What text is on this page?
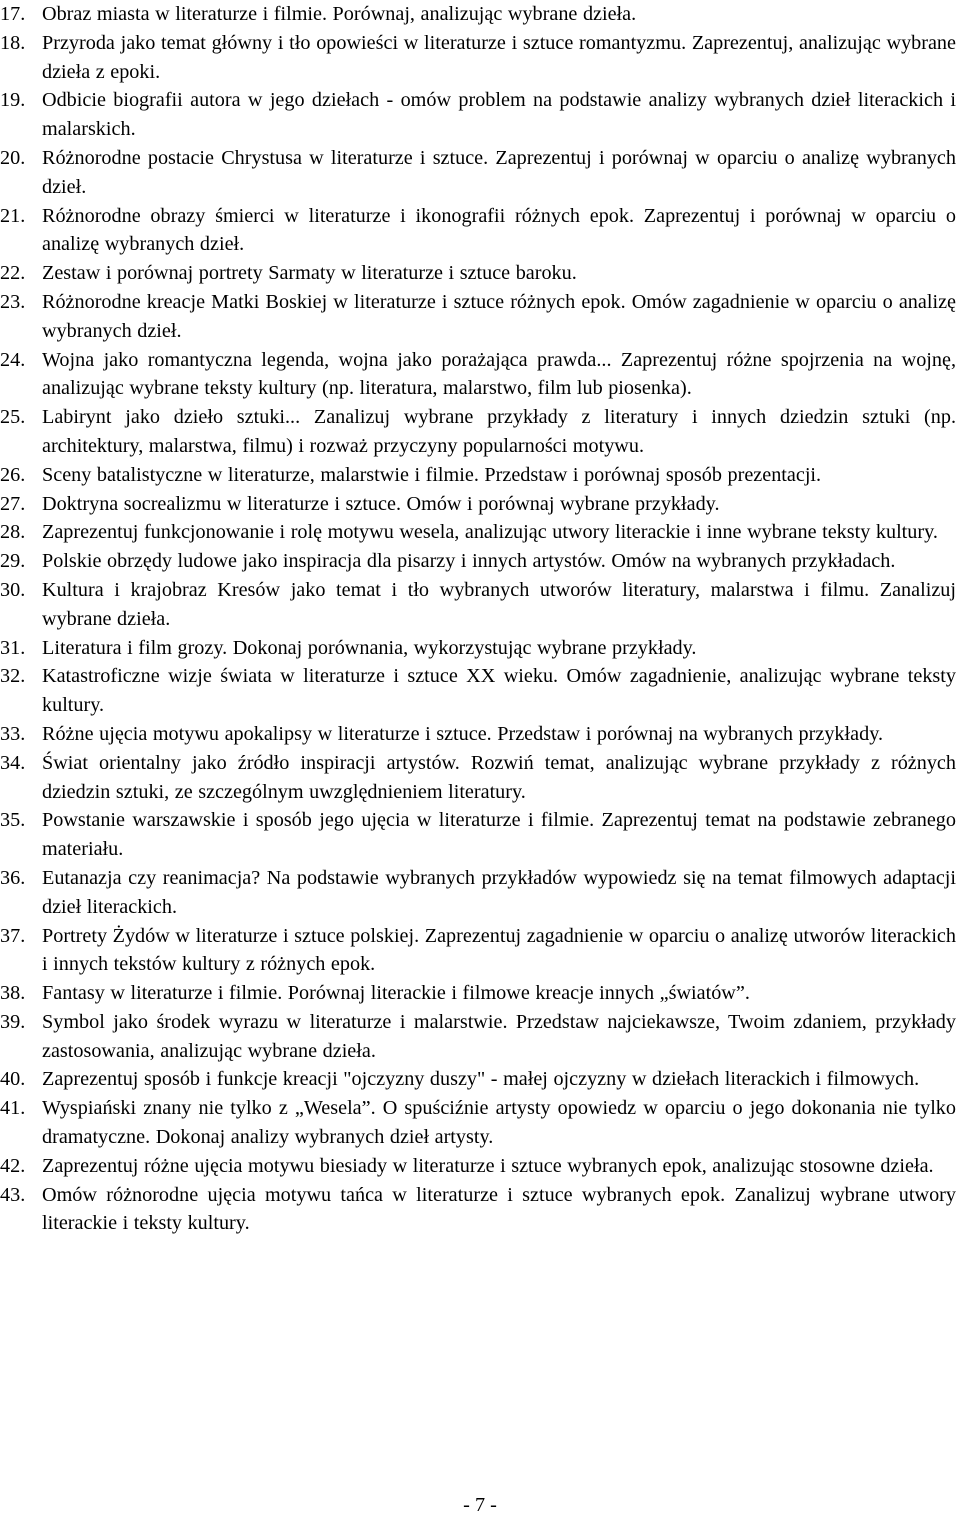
17. Obraz miasta w literaturze i filmie. Porównaj, analizując wybrane dzieła.
18. Przyroda jako temat główny i tło opowieści w literaturze i sztuce romantyzmu. Zaprezentuj, analizując wybrane dzieła z epoki.
19. Odbicie biografii autora w jego dziełach - omów problem na podstawie analizy wybranych dzieł literackich i malarskich.
20. Różnorodne postacie Chrystusa w literaturze i sztuce. Zaprezentuj i porównaj w oparciu o analizę wybranych dzieł.
21. Różnorodne obrazy śmierci w literaturze i ikonografii różnych epok. Zaprezentuj i porównaj w oparciu o analizę wybranych dzieł.
22. Zestaw i porównaj portrety Sarmaty w literaturze i sztuce baroku.
23. Różnorodne kreacje Matki Boskiej w literaturze i sztuce różnych epok. Omów zagadnienie w oparciu o analizę wybranych dzieł.
24. Wojna jako romantyczna legenda, wojna jako porażająca prawda... Zaprezentuj różne spojrzenia na wojnę, analizując wybrane teksty kultury (np. literatura, malarstwo, film lub piosenka).
25. Labirynt jako dzieło sztuki... Zanalizuj wybrane przykłady z literatury i innych dziedzin sztuki (np. architektury, malarstwa, filmu) i rozważ przyczyny popularności motywu.
26. Sceny batalistyczne w literaturze, malarstwie i filmie. Przedstaw i porównaj sposób prezentacji.
27. Doktryna socrealizmu w literaturze i sztuce. Omów i porównaj wybrane przykłady.
28. Zaprezentuj funkcjonowanie i rolę motywu wesela, analizując utwory literackie i inne wybrane teksty kultury.
29. Polskie obrzędy ludowe jako inspiracja dla pisarzy i innych artystów. Omów na wybranych przykładach.
30. Kultura i krajobraz Kresów jako temat i tło wybranych utworów literatury, malarstwa i filmu. Zanalizuj wybrane dzieła.
31. Literatura i film grozy. Dokonaj porównania, wykorzystując wybrane przykłady.
32. Katastroficzne wizje świata w literaturze i sztuce XX wieku. Omów zagadnienie, analizując wybrane teksty kultury.
33. Różne ujęcia motywu apokalipsy w literaturze i sztuce. Przedstaw i porównaj na wybranych przykłady.
34. Świat orientalny jako źródło inspiracji artystów. Rozwiń temat, analizując wybrane przykłady z różnych dziedzin sztuki, ze szczególnym uwzględnieniem literatury.
35. Powstanie warszawskie i sposób jego ujęcia w literaturze i filmie. Zaprezentuj temat na podstawie zebranego materiału.
36. Eutanazja czy reanimacja? Na podstawie wybranych przykładów wypowiedz się na temat filmowych adaptacji dzieł literackich.
37. Portrety Żydów w literaturze i sztuce polskiej. Zaprezentuj zagadnienie w oparciu o analizę utworów literackich i innych tekstów kultury z różnych epok.
38. Fantasy w literaturze i filmie. Porównaj literackie i filmowe kreacje innych „światów”.
39. Symbol jako środek wyrazu w literaturze i malarstwie. Przedstaw najciekawsze, Twoim zdaniem, przykłady zastosowania, analizując wybrane dzieła.
40. Zaprezentuj sposób i funkcje kreacji "ojczyzny duszy" - małej ojczyzny w dziełach literackich i filmowych.
41. Wyspiański znany nie tylko z „Wesela”. O spuściźnie artysty opowiedz w oparciu o jego dokonania nie tylko dramatyczne. Dokonaj analizy wybranych dzieł artysty.
42. Zaprezentuj różne ujęcia motywu biesiady w literaturze i sztuce wybranych epok, analizując stosowne dzieła.
43. Omów różnorodne ujęcia motywu tańca w literaturze i sztuce wybranych epok. Zanalizuj wybrane utwory literackie i teksty kultury.
- 7 -
